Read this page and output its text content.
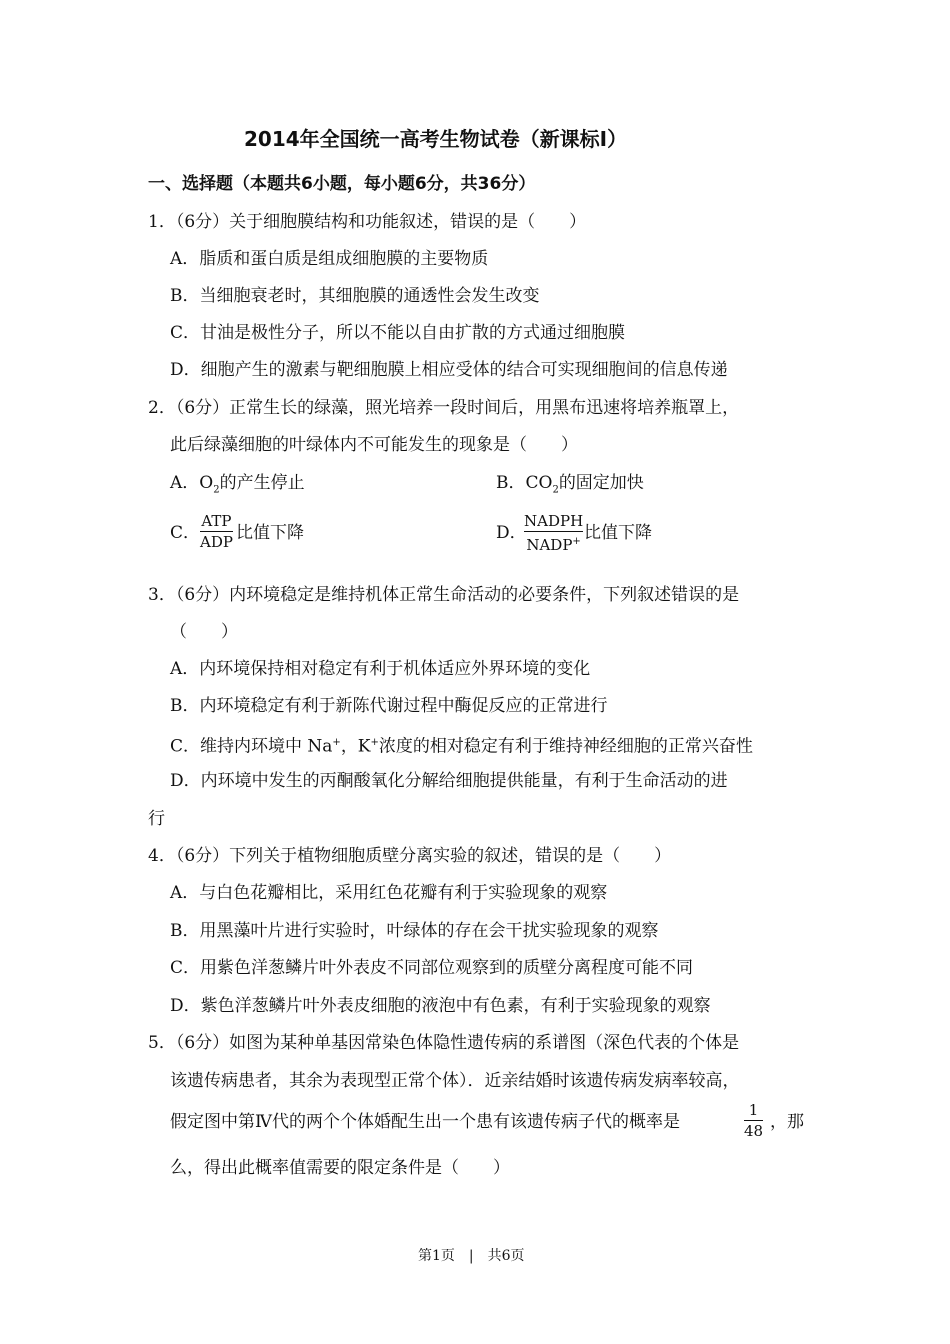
2014年全国统一高考生物试卷（新课标Ⅰ）
一、选择题（本题共6小题，每小题6分，共36分）
1．（6分）关于细胞膜结构和功能叙述，错误的是（　　）
A．脂质和蛋白质是组成细胞膜的主要物质
B．当细胞衰老时，其细胞膜的通透性会发生改变
C．甘油是极性分子，所以不能以自由扩散的方式通过细胞膜
D．细胞产生的激素与靶细胞膜上相应受体的结合可实现细胞间的信息传递
2．（6分）正常生长的绿藻，照光培养一段时间后，用黑布迅速将培养瓶罩上，
此后绿藻细胞的叶绿体内不可能发生的现象是（　　）
A．$O_2$的产生停止	B．$CO_2$的固定加快
C．
ATP
ADP 比值下降	D．
NADPH
NADP+ 比值下降
3．（6分）内环境稳定是维持机体正常生命活动的必要条件，下列叙述错误的是
（　　）
A．内环境保持相对稳定有利于机体适应外界环境的变化
B．内环境稳定有利于新陈代谢过程中酶促反应的正常进行
C．维持内环境中 Na+，K+浓度的相对稳定有利于维持神经细胞的正常兴奋性
D．内环境中发生的丙酮酸氧化分解给细胞提供能量，有利于生命活动的进
行
4．（6分）下列关于植物细胞质壁分离实验的叙述，错误的是（　　）
A．与白色花瓣相比，采用红色花瓣有利于实验现象的观察
B．用黑藻叶片进行实验时，叶绿体的存在会干扰实验现象的观察
C．用紫色洋葱鳞片叶外表皮不同部位观察到的质壁分离程度可能不同
D．紫色洋葱鳞片叶外表皮细胞的液泡中有色素，有利于实验现象的观察
5．（6分）如图为某种单基因常染色体隐性遗传病的系谱图（深色代表的个体是
该遗传病患者，其余为表现型正常个体）．近亲结婚时该遗传病发病率较高，
假定图中第Ⅳ代的两个个体婚配生出一个患有该遗传病子代的概率是
1
48 ，那
么，得出此概率值需要的限定条件是（　　）
第1页　|　共6页
